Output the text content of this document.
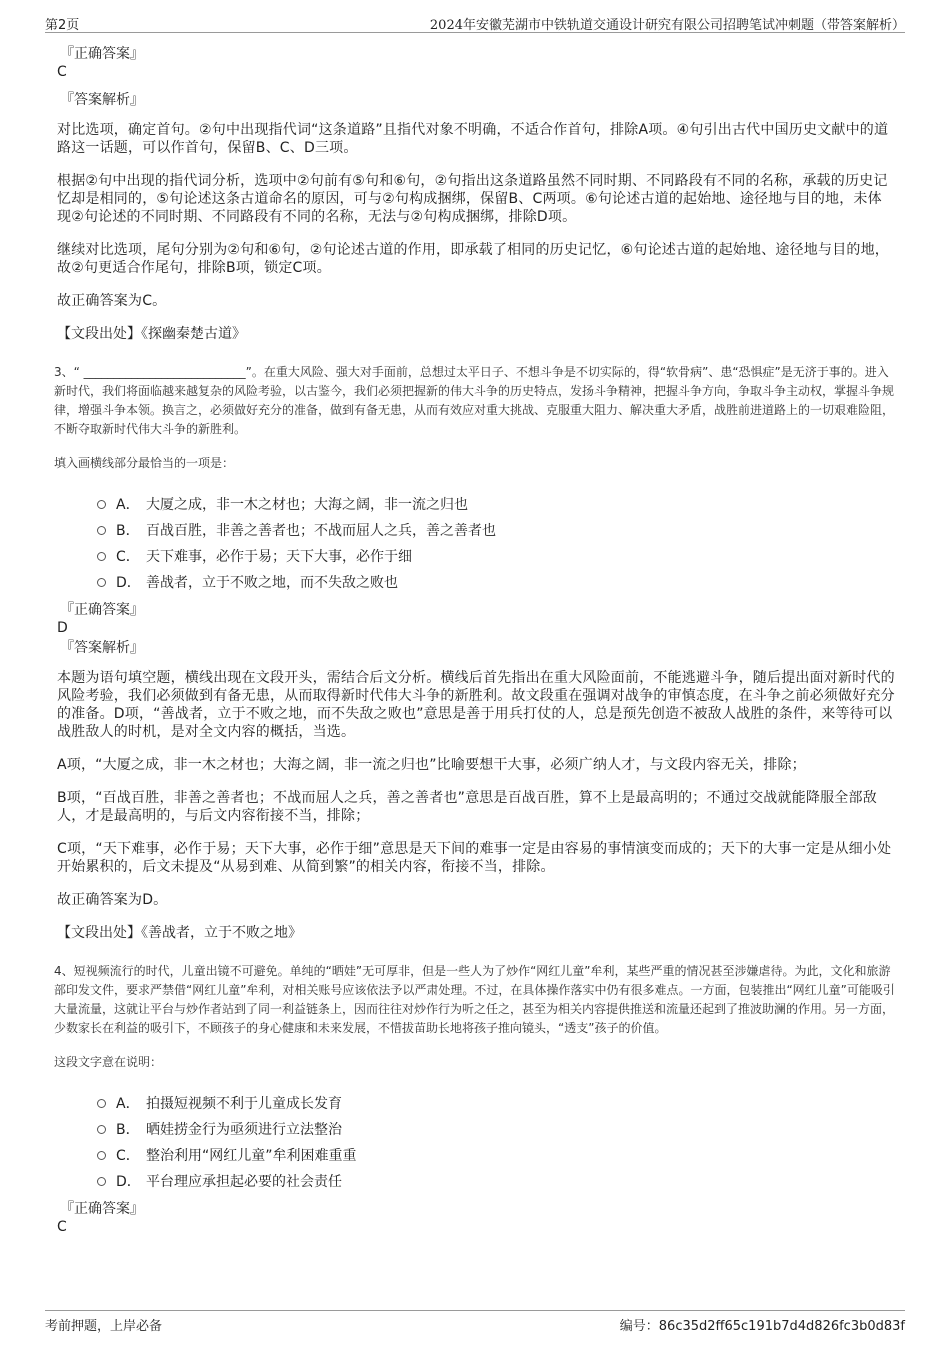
第2页	2024年安徽芜湖市中铁轨道交通设计研究有限公司招聘笔试冲刺题（带答案解析）
『正确答案』
C
『答案解析』

对比选项，确定首句。②句中出现指代词“这条道路”且指代对象不明确，不适合作首句，排除A项。④句引出古代中国历史文献中的道路这一话题，可以作首句，保留B、C、D三项。

根据②句中出现的指代词分析，选项中②句前有⑤句和⑥句，②句指出这条道路虽然不同时期、不同路段有不同的名称，承载的历史记忆却是相同的，⑤句论述这条古道命名的原因，可与②句构成捆绑，保留B、C两项。⑥句论述古道的起始地、途径地与目的地，未体现②句论述的不同时期、不同路段有不同的名称，无法与②句构成捆绑，排除D项。

继续对比选项，尾句分别为②句和⑥句，②句论述古道的作用，即承载了相同的历史记忆，⑥句论述古道的起始地、途径地与目的地，故②句更适合作尾句，排除B项，锁定C项。

故正确答案为C。

【文段出处】《探幽秦楚古道》

3、“ ___________________________”。在重大风险、强大对手面前，总想过太平日子、不想斗争是不切实际的，得“软骨病”、患“恐惧症”是无济于事的。进入新时代，我们将面临越来越复杂的风险考验，以古鉴今，我们必须把握新的伟大斗争的历史特点，发扬斗争精神，把握斗争方向，争取斗争主动权，掌握斗争规律，增强斗争本领。换言之，必须做好充分的准备，做到有备无患，从而有效应对重大挑战、克服重大阻力、解决重大矛盾，战胜前进道路上的一切艰难险阻，不断夺取新时代伟大斗争的新胜利。

填入画横线部分最恰当的一项是：

A． 大厦之成，非一木之材也；大海之阔，非一流之归也
B． 百战百胜，非善之善者也；不战而屈人之兵，善之善者也
C． 天下难事，必作于易；天下大事，必作于细
D． 善战者，立于不败之地，而不失敌之败也
『正确答案』
D
『答案解析』

本题为语句填空题，横线出现在文段开头，需结合后文分析。横线后首先指出在重大风险面前，不能逃避斗争，随后提出面对新时代的风险考验，我们必须做到有备无患，从而取得新时代伟大斗争的新胜利。故文段重在强调对战争的审慎态度，在斗争之前必须做好充分的准备。D项，“善战者，立于不败之地，而不失敌之败也”意思是善于用兵打仗的人，总是预先创造不被敌人战胜的条件，来等待可以战胜敌人的时机，是对全文内容的概括，当选。

A项，“大厦之成，非一木之材也；大海之阔，非一流之归也”比喻要想干大事，必须广纳人才，与文段内容无关，排除；

B项，“百战百胜，非善之善者也；不战而屈人之兵，善之善者也”意思是百战百胜，算不上是最高明的；不通过交战就能降服全部敌人，才是最高明的，与后文内容衔接不当，排除；

C项，“天下难事，必作于易；天下大事，必作于细”意思是天下间的难事一定是由容易的事情演变而成的；天下的大事一定是从细小处开始累积的，后文未提及“从易到难、从简到繁”的相关内容，衔接不当，排除。

故正确答案为D。

【文段出处】《善战者，立于不败之地》

4、短视频流行的时代，儿童出镜不可避免。单纯的“晒娃”无可厚非，但是一些人为了炒作“网红儿童”牟利，某些严重的情况甚至涉嫌虐待。为此，文化和旅游部印发文件，要求严禁借“网红儿童”牟利，对相关账号应该依法予以严肃处理。不过，在具体操作落实中仍有很多难点。一方面，包装推出“网红儿童”可能吸引大量流量，这就让平台与炒作者站到了同一利益链条上，因而往往对炒作行为听之任之，甚至为相关内容提供推送和流量还起到了推波助澜的作用。另一方面，少数家长在利益的吸引下，不顾孩子的身心健康和未来发展，不惜拔苗助长地将孩子推向镜头，“透支”孩子的价值。

这段文字意在说明：

A． 拍摄短视频不利于儿童成长发育
B． 晒娃捞金行为亟须进行立法整治
C． 整治利用“网红儿童”牟利困难重重
D． 平台理应承担起必要的社会责任
『正确答案』
C
考前押题，上岸必备	编号：86c35d2ff65c191b7d4d826fc3b0d83f
